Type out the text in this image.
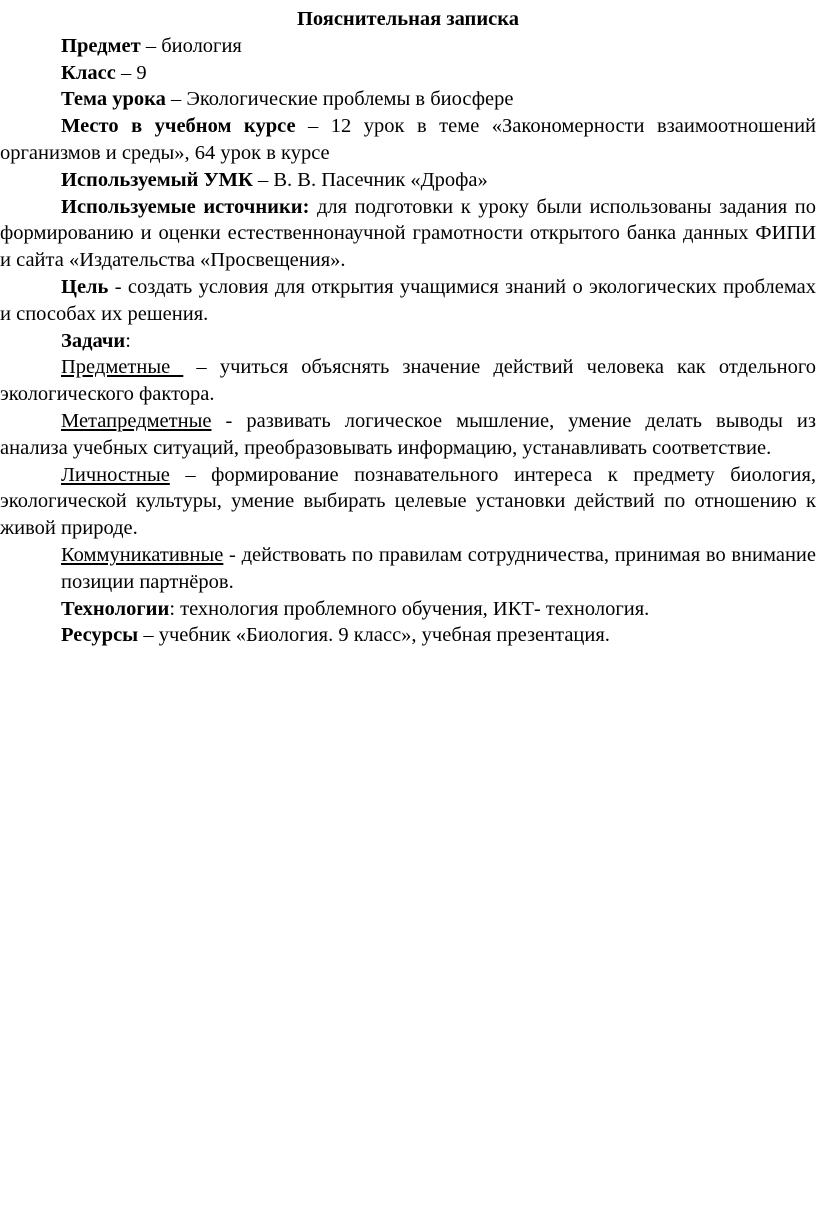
Пояснительная записка

Предмет – биология

Класс – 9

Тема урока – Экологические проблемы в биосфере

Место в учебном курсе – 12 урок в теме «Закономерности взаимоотношений организмов и среды», 64 урок в курсе

Используемый УМК – В. В. Пасечник «Дрофа»

Используемые источники: для подготовки к уроку были использованы задания по формированию и оценки естественнонаучной грамотности открытого банка данных ФИПИ и сайта «Издательства «Просвещения».

Цель - создать условия для открытия учащимися знаний о экологических проблемах и способах их решения.

Задачи:

Предметные  – учиться объяснять значение действий человека как отдельного экологического фактора.

Метапредметные - развивать логическое мышление, умение делать выводы из анализа учебных ситуаций, преобразовывать информацию, устанавливать соответствие.

Личностные – формирование познавательного интереса к предмету биология, экологической культуры, умение выбирать целевые установки действий по отношению к живой природе.

Коммуникативные - действовать по правилам сотрудничества, принимая во внимание позиции партнёров.

Технологии: технология проблемного обучения, ИКТ- технология.

Ресурсы – учебник «Биология. 9 класс», учебная презентация.
